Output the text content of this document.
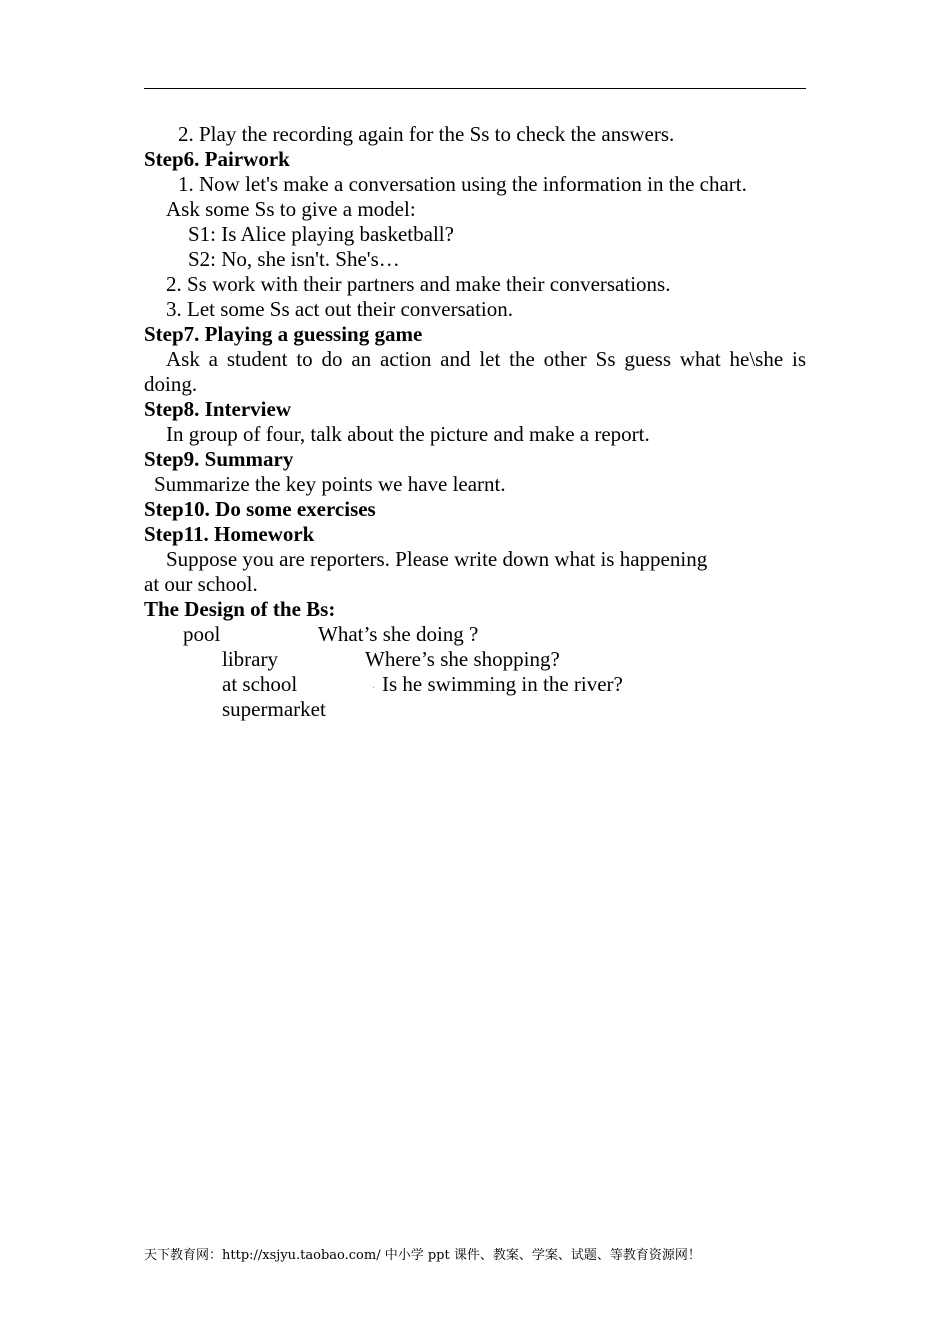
2. Play the recording again for the Ss to check the answers.
Step6. Pairwork
1. Now let's make a conversation using the information in the chart.
Ask some Ss to give a model:
S1: Is Alice playing basketball?
S2: No, she isn't. She's…
2. Ss work with their partners and make their conversations.
3. Let some Ss act out their conversation.
Step7. Playing a guessing game
Ask a student to do an action and let the other Ss guess what he\she is doing.
Step8. Interview
In group of four, talk about the picture and make a report.
Step9. Summary
Summarize the key points we have learnt.
Step10. Do some exercises
Step11. Homework
Suppose you are reporters. Please write down what is happening
at our school.
The Design of the Bs:
pool	What’s she doing ?
library	Where’s she shopping?
at school	. Is he swimming in the river?
supermarket
天下教育网：http://xsjyu.taobao.com/ 中小学 ppt 课件、教案、学案、试题、等教育资源网！
